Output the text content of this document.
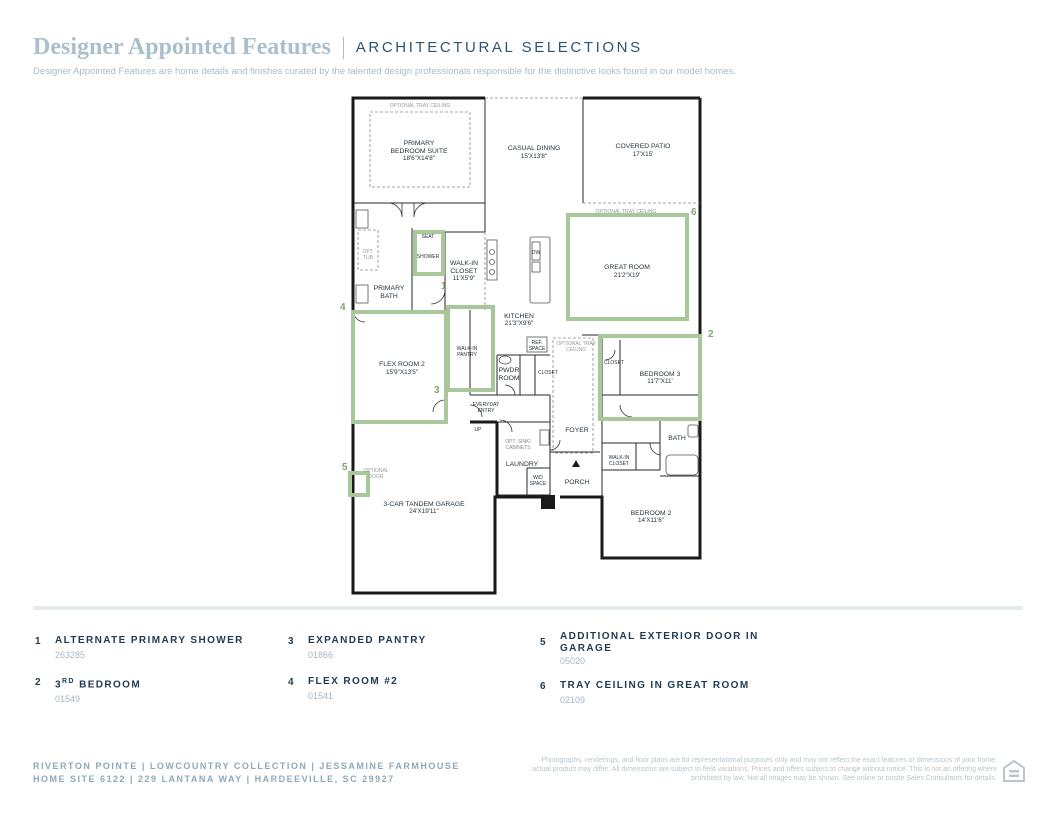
Designer Appointed Features ARCHITECTURAL SELECTIONS
Designer Appointed Features are home details and finishes curated by the talented design professionals responsible for the distinctive looks found in our model homes.
1
2
3
4
5
6
OPTIONAL TRAY CEILING
PRIMARY
BEDROOM SUITE
18'6"X14'8"
CASUAL DINING
15'X13'8"
COVERED PATIO
17'X15'
OPTIONAL TRAY CEILING
OPT.
TUB
SEAT
SHOWER
WALK-IN
CLOSET
11'X5'9"
DW
GREAT ROOM
21'2"X19'
PRIMARY
BATH
KITCHEN
21'3"X9'6"
REF.
SPACE
OPTIONAL TRAY
CEILING
WALK-IN
PANTRY
FLEX ROOM 2
15'9"X13'5"	PWDR
ROOM
CLOSET
CLOSET
BEDROOM 3
11'7"X11'
EVERYDAY
ENTRY
UP	FOYER
BATH
OPT. SINK/
CABINETS
LAUNDRY
WALK-IN
CLOSET
W/D
SPACE	PORCH
OPTIONAL
DOOR
3-CAR TANDEM GARAGE
24'X19'11"	BEDROOM 2
14'X11'6"
1	ALTERNATE PRIMARY SHOWER
263285
2	3RD BEDROOM
01549
3	EXPANDED PANTRY
01866
4	FLEX ROOM #2
01541
5
ADDITIONAL EXTERIOR DOOR IN GARAGE
05020
6	TRAY CEILING IN GREAT ROOM
02109
RIVERTON POINTE | LOWCOUNTRY COLLECTION | JESSAMINE FARMHOUSE
HOME SITE 6122 | 229 LANTANA WAY | HARDEEVILLE, SC 29927
Photographs, renderings, and floor plans are for representational purposes only and may not reflect the exact features or dimensions of your home; actual product may differ. All dimensions are subject to field variations. Prices and offers subject to change without notice. This is not an offering where prohibited by law. Not all images may be shown. See online or onsite Sales Consultants for details.
